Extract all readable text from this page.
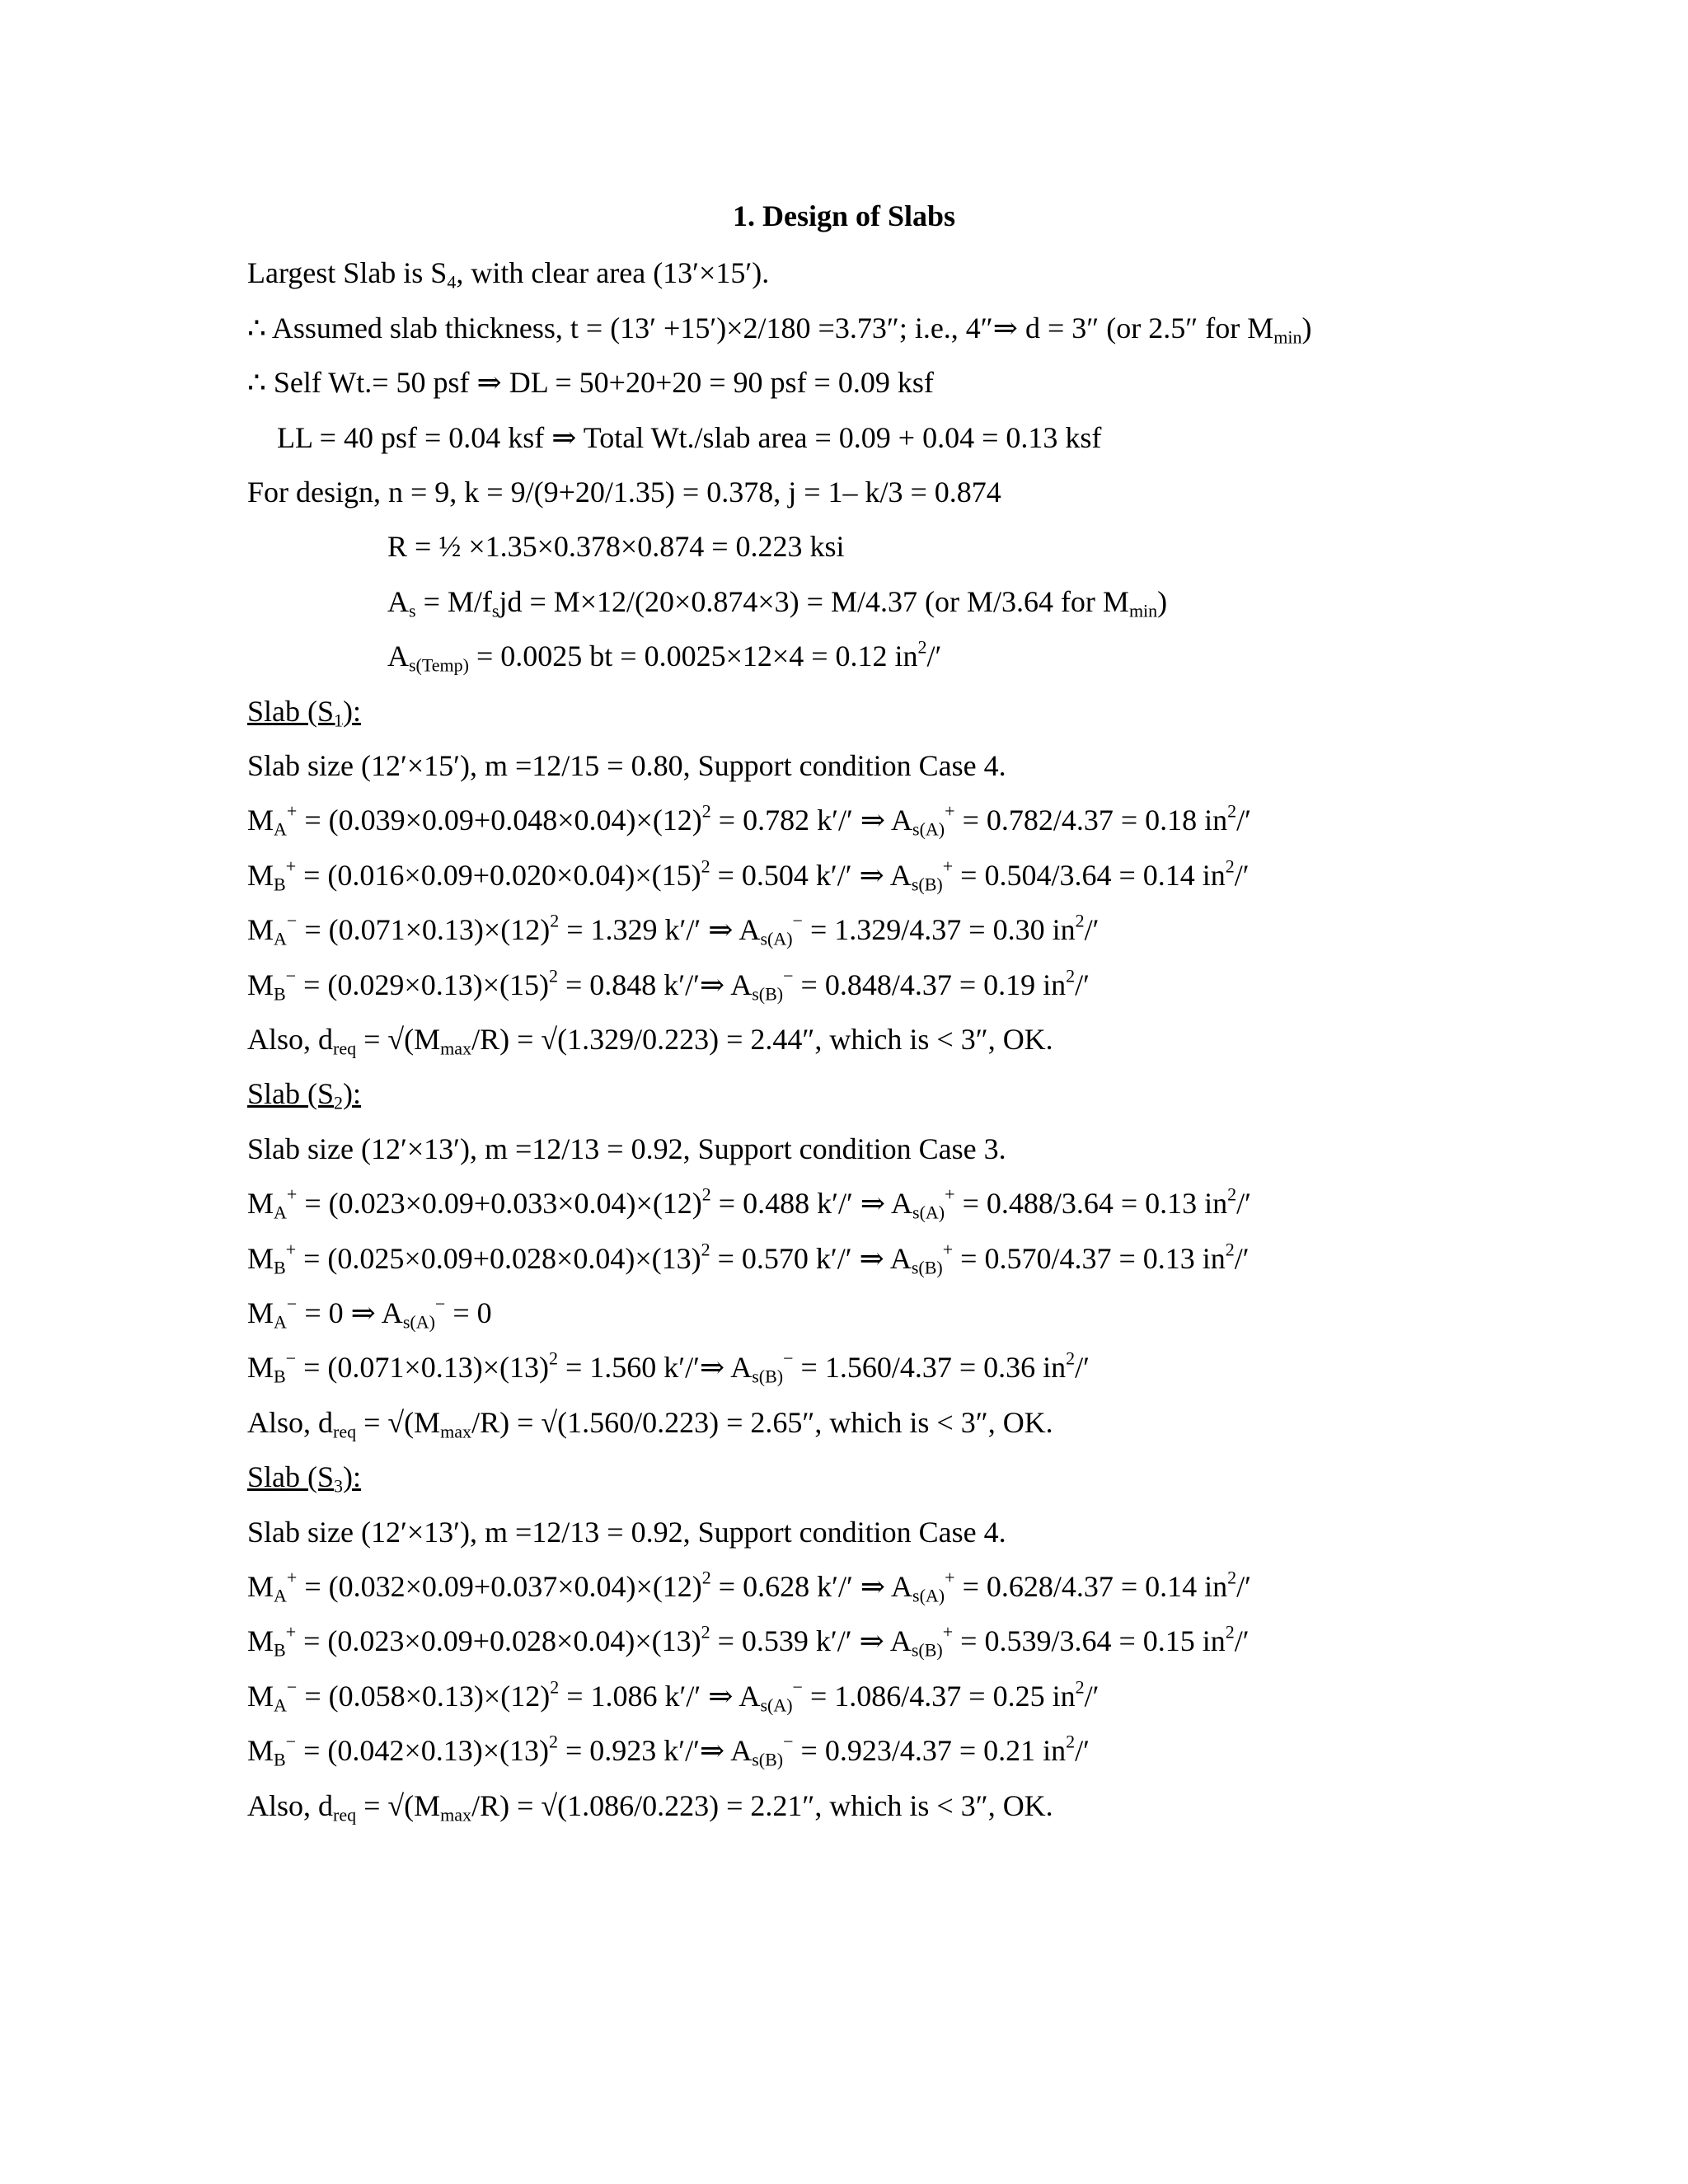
1. Design of Slabs
Largest Slab is $S_4$, with clear area (13′×15′).
∴ Assumed slab thickness, t = (13′ +15′)×2/180 =3.73″; i.e., 4″⇒ d = 3″ (or 2.5″ for $M_{min}$)
∴ Self Wt.= 50 psf ⇒ DL = 50+20+20 = 90 psf = 0.09 ksf
LL = 40 psf = 0.04 ksf ⇒ Total Wt./slab area = 0.09 + 0.04 = 0.13 ksf
For design, n = 9, k = 9/(9+20/1.35) = 0.378, j = 1– k/3 = 0.874
R = ½ ×1.35×0.378×0.874 = 0.223 ksi
$A_s = M/f_sjd = M\times 12/(20\times 0.874\times 3) = M/4.37$ (or M/3.64 for $M_{min}$)
$A_{s(Temp)} = 0.0025$ bt = 0.0025×12×4 = 0.12 $in^2/'$
Slab $(S_1)$:
Slab size (12′×15′), m =12/15 = 0.80, Support condition Case 4.
$M_A^+ = (0.039\times 0.09+0.048\times 0.04)\times(12)^2 = 0.782$ k′/′ ⇒ $A_{s(A)}^+ = 0.782/4.37 = 0.18$ $in^2/'$
$M_B^+ = (0.016\times 0.09+0.020\times 0.04)\times(15)^2 = 0.504$ k′/′ ⇒ $A_{s(B)}^+ = 0.504/3.64 = 0.14$ $in^2/'$
$M_A^- = (0.071\times 0.13)\times(12)^2 = 1.329$ k′/′ ⇒ $A_{s(A)}^- = 1.329/4.37 = 0.30$ $in^2/'$
$M_B^- = (0.029\times 0.13)\times(15)^2 = 0.848$ k′/′⇒ $A_{s(B)}^- = 0.848/4.37 = 0.19$ $in^2/'$
Also, $d_{req} = √(M_{max}/R) = √(1.329/0.223) = 2.44''$, which is < 3″, OK.
Slab $(S_2)$:
Slab size (12′×13′), m =12/13 = 0.92, Support condition Case 3.
$M_A^+ = (0.023\times 0.09+0.033\times 0.04)\times(12)^2 = 0.488$ k′/′ ⇒ $A_{s(A)}^+ = 0.488/3.64 = 0.13$ $in^2/'$
$M_B^+ = (0.025\times 0.09+0.028\times 0.04)\times(13)^2 = 0.570$ k′/′ ⇒ $A_{s(B)}^+ = 0.570/4.37 = 0.13$ $in^2/'$
$M_A^- = 0$ ⇒ $A_{s(A)}^- = 0$
$M_B^- = (0.071\times 0.13)\times(13)^2 = 1.560$ k′/′⇒ $A_{s(B)}^- = 1.560/4.37 = 0.36$ $in^2/'$
Also, $d_{req} = √(M_{max}/R) = √(1.560/0.223) = 2.65''$, which is < 3″, OK.
Slab $(S_3)$:
Slab size (12′×13′), m =12/13 = 0.92, Support condition Case 4.
$M_A^+ = (0.032\times 0.09+0.037\times 0.04)\times(12)^2 = 0.628$ k′/′ ⇒ $A_{s(A)}^+ = 0.628/4.37 = 0.14$ $in^2/'$
$M_B^+ = (0.023\times 0.09+0.028\times 0.04)\times(13)^2 = 0.539$ k′/′ ⇒ $A_{s(B)}^+ = 0.539/3.64 = 0.15$ $in^2/'$
$M_A^- = (0.058\times 0.13)\times(12)^2 = 1.086$ k′/′ ⇒ $A_{s(A)}^- = 1.086/4.37 = 0.25$ $in^2/'$
$M_B^- = (0.042\times 0.13)\times(13)^2 = 0.923$ k′/′⇒ $A_{s(B)}^- = 0.923/4.37 = 0.21$ $in^2/'$
Also, $d_{req} = √(M_{max}/R) = √(1.086/0.223) = 2.21''$, which is < 3″, OK.
